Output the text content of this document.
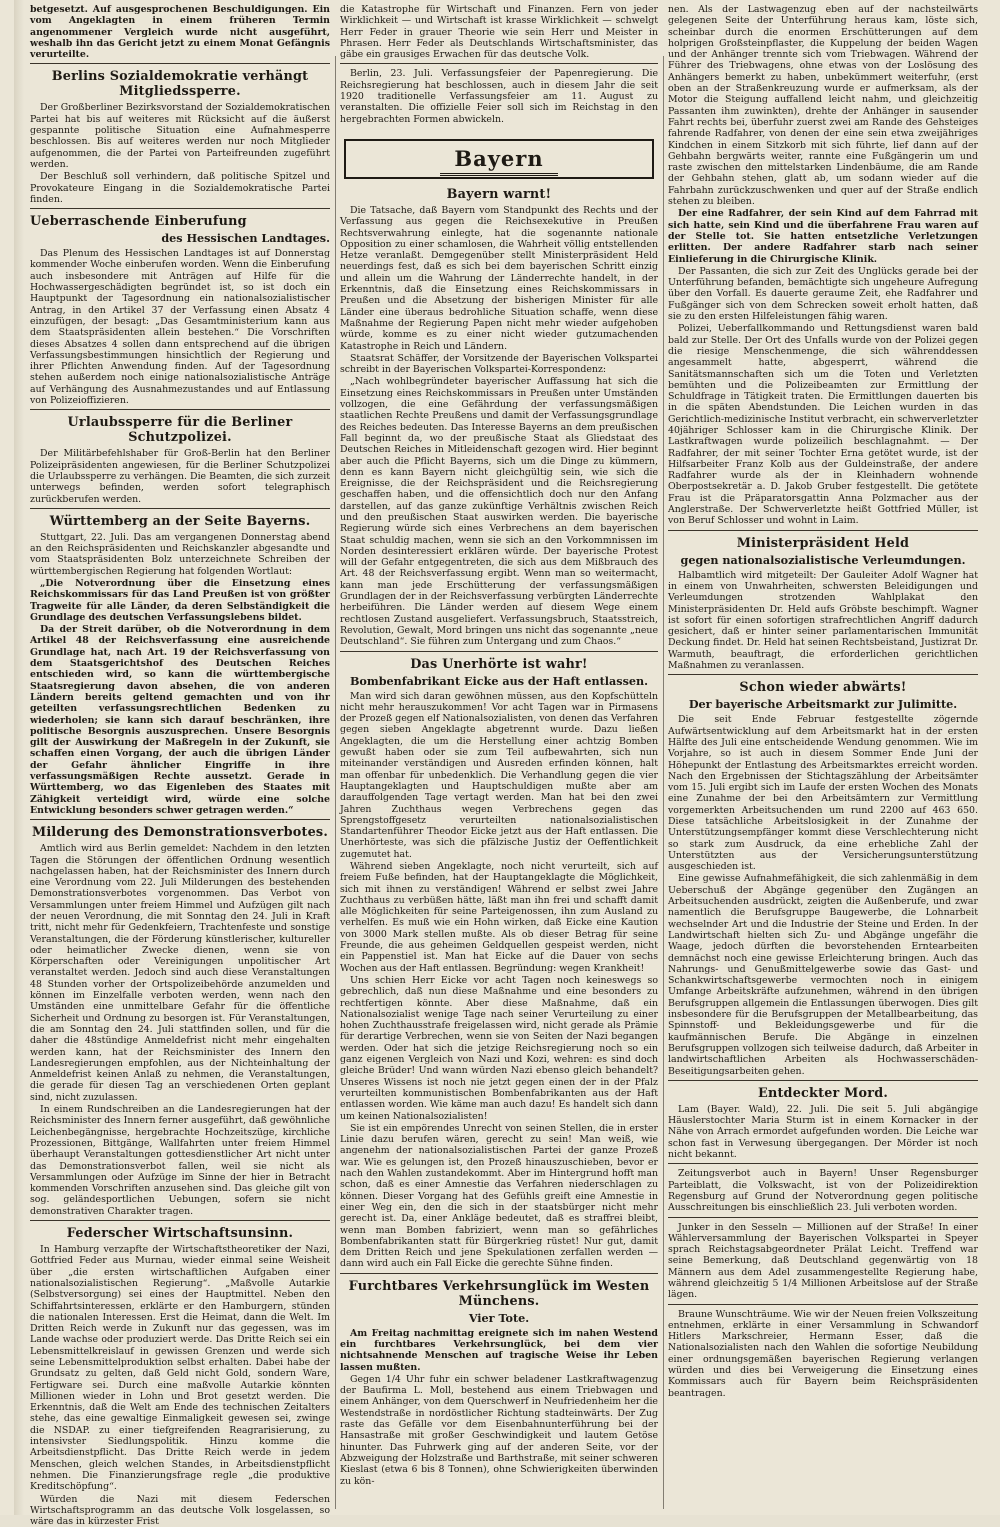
betgesetzt. Auf ausgesprochenen Beschuldigungen. Ein vom Angeklagten in einem früheren Termin angenommener Vergleich wurde nicht ausgeführt, weshalb ihn das Gericht jetzt zu einem Monat Gefängnis verurteilte.

Berlins Sozialdemokratie verhängt Mitgliedssperre.

Der Großberliner Bezirksvorstand der Sozialdemokratischen Partei hat bis auf weiteres mit Rücksicht auf die äußerst gespannte politische Situation eine Aufnahmesperre beschlossen. Bis auf weiteres werden nur noch Mitglieder aufgenommen, die der Partei von Parteifreunden zugeführt werden.

Der Beschluß soll verhindern, daß politische Spitzel und Provokateure Eingang in die Sozialdemokratische Partei finden.

Ueberraschende Einberufung
des Hessischen Landtages.

Das Plenum des Hessischen Landtages ist auf Donnerstag kommender Woche einberufen worden. Wenn die Einberufung auch insbesondere mit Anträgen auf Hilfe für die Hochwassergeschädigten begründet ist, so ist doch ein Hauptpunkt der Tagesordnung ein nationalsozialistischer Antrag, in den Artikel 37 der Verfassung einen Absatz 4 einzufügen, der besagt: „Das Gesamtministerium kann aus dem Staatspräsidenten allein bestehen.“ Die Vorschriften dieses Absatzes 4 sollen dann entsprechend auf die übrigen Verfassungsbestimmungen hinsichtlich der Regierung und ihrer Pflichten Anwendung finden. Auf der Tagesordnung stehen außerdem noch einige nationalsozialistische Anträge auf Verhängung des Ausnahmezustandes und auf Entlassung von Polizeioffizieren.

Urlaubssperre für die Berliner Schutzpolizei.

Der Militärbefehlshaber für Groß-Berlin hat den Berliner Polizeipräsidenten angewiesen, für die Berliner Schutzpolizei die Urlaubssperre zu verhängen. Die Beamten, die sich zurzeit unterwegs befinden, werden sofort telegraphisch zurückberufen werden.

Württemberg an der Seite Bayerns.

Stuttgart, 22. Juli. Das am vergangenen Donnerstag abend an den Reichspräsidenten und Reichskanzler abgesandte und vom Staatspräsidenten Bolz unterzeichnete Schreiben der württembergischen Regierung hat folgenden Wortlaut:

„Die Notverordnung über die Einsetzung eines Reichskommissars für das Land Preußen ist von größter Tragweite für alle Länder, da deren Selbständigkeit die Grundlage des deutschen Verfassungslebens bildet.

Da der Streit darüber, ob die Notverordnung in dem Artikel 48 der Reichsverfassung eine ausreichende Grundlage hat, nach Art. 19 der Reichsverfassung von dem Staatsgerichtshof des Deutschen Reiches entschieden wird, so kann die württembergische Staatsregierung davon absehen, die von anderen Ländern bereits geltend gemachten und von ihr geteilten verfassungsrechtlichen Bedenken zu wiederholen; sie kann sich darauf beschränken, ihre politische Besorgnis auszusprechen. Unsere Besorgnis gilt der Auswirkung der Maßregeln in der Zukunft, sie schaffen einen Vorgang, der auch die übrigen Länder der Gefahr ähnlicher Eingriffe in ihre verfassungsmäßigen Rechte aussetzt. Gerade in Württemberg, wo das Eigenleben des Staates mit Zähigkeit verteidigt wird, würde eine solche Entwicklung besonders schwer getragen werden.“

Milderung des Demonstrationsverbotes.

Amtlich wird aus Berlin gemeldet: Nachdem in den letzten Tagen die Störungen der öffentlichen Ordnung wesentlich nachgelassen haben, hat der Reichsminister des Innern durch eine Verordnung vom 22. Juli Milderungen des bestehenden Demonstrationsverbotes vorgenommen. Das Verbot von Versammlungen unter freiem Himmel und Aufzügen gilt nach der neuen Verordnung, die mit Sonntag den 24. Juli in Kraft tritt, nicht mehr für Gedenkfeiern, Trachtenfeste und sonstige Veranstaltungen, die der Förderung künstlerischer, kultureller oder heimatlicher Zwecke dienen, wenn sie von Körperschaften oder Vereinigungen unpolitischer Art veranstaltet werden. Jedoch sind auch diese Veranstaltungen 48 Stunden vorher der Ortspolizeibehörde anzumelden und können im Einzelfalle verboten werden, wenn nach den Umständen eine unmittelbare Gefahr für die öffentliche Sicherheit und Ordnung zu besorgen ist. Für Veranstaltungen, die am Sonntag den 24. Juli stattfinden sollen, und für die daher die 48stündige Anmeldefrist nicht mehr eingehalten werden kann, hat der Reichsminister des Innern den Landesregierungen empfohlen, aus der Nichteinhaltung der Anmeldefrist keinen Anlaß zu nehmen, die Veranstaltungen, die gerade für diesen Tag an verschiedenen Orten geplant sind, nicht zuzulassen.

In einem Rundschreiben an die Landesregierungen hat der Reichsminister des Innern ferner ausgeführt, daß gewöhnliche Leichenbegängnisse, hergebrachte Hochzeitszüge, kirchliche Prozessionen, Bittgänge, Wallfahrten unter freiem Himmel überhaupt Veranstaltungen gottesdienstlicher Art nicht unter das Demonstrationsverbot fallen, weil sie nicht als Versammlungen oder Aufzüge im Sinne der hier in Betracht kommenden Vorschriften anzusehen sind. Das gleiche gilt von sog. geländesportlichen Uebungen, sofern sie nicht demonstrativen Charakter tragen.

Federscher Wirtschaftsunsinn.

In Hamburg verzapfte der Wirtschaftstheoretiker der Nazi, Gottfried Feder aus Murnau, wieder einmal seine Weisheit über „die ersten wirtschaftlichen Aufgaben einer nationalsozialistischen Regierung“. „Maßvolle Autarkie (Selbstversorgung) sei eines der Hauptmittel. Neben den Schiffahrtsinteressen, erklärte er den Hamburgern, stünden die nationalen Interessen. Erst die Heimat, dann die Welt. Im Dritten Reich werde in Zukunft nur das gegessen, was im Lande wachse oder produziert werde. Das Dritte Reich sei ein Lebensmittelkreislauf in gewissen Grenzen und werde sich seine Lebensmittelproduktion selbst erhalten. Dabei habe der Grundsatz zu gelten, daß Geld nicht Gold, sondern Ware, Fertigware sei. Durch eine maßvolle Autarkie könnten Millionen wieder in Lohn und Brot gesetzt werden. Die Erkenntnis, daß die Welt am Ende des technischen Zeitalters stehe, das eine gewaltige Einmaligkeit gewesen sei, zwinge die NSDAP. zu einer tiefgreifenden Reagrarisierung, zu intensivster Siedlungspolitik. Hinzu komme die Arbeitsdienstpflicht. Das Dritte Reich werde in jedem Menschen, gleich welchen Standes, in Arbeitsdienstpflicht nehmen. Die Finanzierungsfrage regle „die produktive Kreditschöpfung“.

Würden die Nazi mit diesem Federschen Wirtschaftsprogramm an das deutsche Volk losgelassen, so wäre das in kürzester Frist

die Katastrophe für Wirtschaft und Finanzen. Fern von jeder Wirklichkeit — und Wirtschaft ist krasse Wirklichkeit — schwelgt Herr Feder in grauer Theorie wie sein Herr und Meister in Phrasen. Herr Feder als Deutschlands Wirtschaftsminister, das gäbe ein grausiges Erwachen für das deutsche Volk.

Berlin, 23. Juli. Verfassungsfeier der Papenregierung. Die Reichsregierung hat beschlossen, auch in diesem Jahr die seit 1920 traditionelle Verfassungsfeier am 11. August zu veranstalten. Die offizielle Feier soll sich im Reichstag in den hergebrachten Formen abwickeln.

Bayern
Bayern warnt!

Die Tatsache, daß Bayern vom Standpunkt des Rechts und der Verfassung aus gegen die Reichsexekutive in Preußen Rechtsverwahrung einlegte, hat die sogenannte nationale Opposition zu einer schamlosen, die Wahrheit völlig entstellenden Hetze veranlaßt. Demgegenüber stellt Ministerpräsident Held neuerdings fest, daß es sich bei dem bayerischen Schritt einzig und allein um die Wahrung der Länderrechte handelt, in der Erkenntnis, daß die Einsetzung eines Reichskommissars in Preußen und die Absetzung der bisherigen Minister für alle Länder eine überaus bedrohliche Situation schaffe, wenn diese Maßnahme der Regierung Papen nicht mehr wieder aufgehoben würde, komme es zu einer nicht wieder gutzumachenden Katastrophe in Reich und Ländern.

Staatsrat Schäffer, der Vorsitzende der Bayerischen Volkspartei schreibt in der Bayerischen Volkspartei-Korrespondenz:

„Nach wohlbegründeter bayerischer Auffassung hat sich die Einsetzung eines Reichskommissars in Preußen unter Umständen vollzogen, die eine Gefährdung der verfassungsmäßigen staatlichen Rechte Preußens und damit der Verfassungsgrundlage des Reiches bedeuten. Das Interesse Bayerns an dem preußischen Fall beginnt da, wo der preußische Staat als Gliedstaat des Deutschen Reiches in Mitleidenschaft gezogen wird. Hier beginnt aber auch die Pflicht Bayerns, sich um die Dinge zu kümmern, denn es kann Bayern nicht gleichgültig sein, wie sich die Ereignisse, die der Reichspräsident und die Reichsregierung geschaffen haben, und die offensichtlich doch nur den Anfang darstellen, auf das ganze zukünftige Verhältnis zwischen Reich und den preußischen Staat auswirken werden. Die bayerische Regierung würde sich eines Verbrechens an dem bayerischen Staat schuldig machen, wenn sie sich an den Vorkommnissen im Norden desinteressiert erklären würde. Der bayerische Protest will der Gefahr entgegentreten, die sich aus dem Mißbrauch des Art. 48 der Reichsverfassung ergibt. Wenn man so weitermacht, kann man jede Erschütterung der verfassungsmäßigen Grundlagen der in der Reichsverfassung verbürgten Länderrechte herbeiführen. Die Länder werden auf diesem Wege einem rechtlosen Zustand ausgeliefert. Verfassungsbruch, Staatsstreich, Revolution, Gewalt, Mord bringen uns nicht das sogenannte „neue Deutschland“. Sie führen zum Untergang und zum Chaos.“

Das Unerhörte ist wahr!
Bombenfabrikant Eicke aus der Haft entlassen.

Man wird sich daran gewöhnen müssen, aus den Kopfschütteln nicht mehr herauszukommen! Vor acht Tagen war in Pirmasens der Prozeß gegen elf Nationalsozialisten, von denen das Verfahren gegen sieben Angeklagte abgetrennt wurde. Dazu ließen Angeklagten, die um die Herstellung einer achtzig Bomben gewußt haben oder sie zum Teil aufbewahrten, sich nun miteinander verständigen und Ausreden erfinden können, halt man offenbar für unbedenklich. Die Verhandlung gegen die vier Hauptangeklagten und Hauptschuldigen mußte aber am darauffolgenden Tage vertagt werden. Man hat bei den zwei Jahren Zuchthaus wegen Verbrechens gegen das Sprengstoffgesetz verurteilten nationalsozialistischen Standartenführer Theodor Eicke jetzt aus der Haft entlassen. Die Unerhörteste, was sich die pfälzische Justiz der Oeffentlichkeit zugemutet hat.

Während sieben Angeklagte, noch nicht verurteilt, sich auf freiem Fuße befinden, hat der Hauptangeklagte die Möglichkeit, sich mit ihnen zu verständigen! Während er selbst zwei Jahre Zuchthaus zu verbüßen hätte, läßt man ihn frei und schafft damit alle Möglichkeiten für seine Parteigenossen, ihn zum Ausland zu verhelfen. Es muß wie ein Hohn wirken, daß Eicke eine Kaution von 3000 Mark stellen mußte. Als ob dieser Betrag für seine Freunde, die aus geheimen Geldquellen gespeist werden, nicht ein Pappenstiel ist. Man hat Eicke auf die Dauer von sechs Wochen aus der Haft entlassen. Begründung: wegen Krankheit!

Uns schien Herr Eicke vor acht Tagen noch keineswegs so gebrechlich, daß nun diese Maßnahme und eine besonders zu rechtfertigen könnte. Aber diese Maßnahme, daß ein Nationalsozialist wenige Tage nach seiner Verurteilung zu einer hohen Zuchthausstrafe freigelassen wird, nicht gerade als Prämie für derartige Verbrechen, wenn sie von Seiten der Nazi begangen werden. Oder hat sich die jetzige Reichsregierung noch so ein ganz eigenen Vergleich von Nazi und Kozi, wehren: es sind doch gleiche Brüder! Und wann würden Nazi ebenso gleich behandelt? Unseres Wissens ist noch nie jetzt gegen einen der in der Pfalz verurteilten kommunistischen Bombenfabrikanten aus der Haft entlassen worden. Wie käme man auch dazu! Es handelt sich dann um keinen Nationalsozialisten!

Sie ist ein empörendes Unrecht von seinen Stellen, die in erster Linie dazu berufen wären, gerecht zu sein! Man weiß, wie angenehm der nationalsozialistischen Partei der ganze Prozeß war. Wie es gelungen ist, den Prozeß hinauszuschieben, bevor er nach den Wahlen zustandekommt. Aber im Hintergrund hofft man schon, daß es einer Amnestie das Verfahren niederschlagen zu können. Dieser Vorgang hat des Gefühls greift eine Amnestie in einer Weg ein, den die sich in der staatsbürger nicht mehr gerecht ist. Da, einer Ankläge bedeutet, daß es straffrei bleibt, wenn man Bomben fabriziert, wenn man so gefährliches Bombenfabrikanten statt für Bürgerkrieg rüstet! Nur gut, damit dem Dritten Reich und jene Spekulationen zerfallen werden — dann wird auch ein Fall Eicke die gerechte Sühne finden.

Furchtbares Verkehrsunglück im Westen Münchens.
Vier Tote.

Am Freitag nachmittag ereignete sich im nahen Westend ein furchtbares Verkehrsunglück, bei dem vier nichtsahnende Menschen auf tragische Weise ihr Leben lassen mußten.

Gegen 1/4 Uhr fuhr ein schwer beladener Lastkraftwagenzug der Baufirma L. Moll, bestehend aus einem Triebwagen und einem Anhänger, von dem Querschwerf in Neufriedenheim her die Westendstraße in nordöstlicher Richtung stadteinwärts. Der Zug raste das Gefälle vor dem Eisenbahnunterführung bei der Hansastraße mit großer Geschwindigkeit und lautem Getöse hinunter. Das Fuhrwerk ging auf der anderen Seite, vor der Abzweigung der Holzstraße und Barthstraße, mit seiner schweren Kieslast (etwa 6 bis 8 Tonnen), ohne Schwierigkeiten überwinden zu kön-

nen. Als der Lastwagenzug eben auf der nachsteilwärts gelegenen Seite der Unterführung heraus kam, löste sich, scheinbar durch die enormen Erschütterungen auf dem holprigen Großsteinpflaster, die Kuppelung der beiden Wagen und der Anhänger trennte sich vom Triebwagen. Während der Führer des Triebwagens, ohne etwas von der Loslösung des Anhängers bemerkt zu haben, unbekümmert weiterfuhr, (erst oben an der Straßenkreuzung wurde er aufmerksam, als der Motor die Steigung auffallend leicht nahm, und gleichzeitig Passanten ihm zuwinkten), drehte der Anhänger in sausender Fahrt rechts bei, überfuhr zuerst zwei am Rande des Gehsteiges fahrende Radfahrer, von denen der eine sein etwa zweijähriges Kindchen in einem Sitzkorb mit sich führte, lief dann auf der Gehbahn bergwärts weiter, rannte eine Fußgängerin um und raste zwischen den mittelstarken Lindenbäume, die am Rande der Gehbahn stehen, glatt ab, um sodann wieder auf die Fahrbahn zurückzuschwenken und quer auf der Straße endlich stehen zu bleiben.

Der eine Radfahrer, der sein Kind auf dem Fahrrad mit sich hatte, sein Kind und die überfahrene Frau waren auf der Stelle tot. Sie hatten entsetzliche Verletzungen erlitten. Der andere Radfahrer starb nach seiner Einlieferung in die Chirurgische Klinik.

Der Passanten, die sich zur Zeit des Unglücks gerade bei der Unterführung befanden, bemächtigte sich ungeheure Aufregung über den Vorfall. Es dauerte geraume Zeit, ehe Radfahrer und Fußgänger sich von dem Schrecken soweit erholt hatten, daß sie zu den ersten Hilfeleistungen fähig waren.

Polizei, Ueberfallkommando und Rettungsdienst waren bald bald zur Stelle. Der Ort des Unfalls wurde von der Polizei gegen die riesige Menschenmenge, die sich währenddessen angesammelt hatte, abgesperrt, während die Sanitätsmannschaften sich um die Toten und Verletzten bemühten und die Polizeibeamten zur Ermittlung der Schuldfrage in Tätigkeit traten. Die Ermittlungen dauerten bis in die späten Abendstunden. Die Leichen wurden in das Gerichtlich-medizinische Institut verbracht, ein schwerverletzter 40jähriger Schlosser kam in die Chirurgische Klinik. Der Lastkraftwagen wurde polizeilich beschlagnahmt. — Der Radfahrer, der mit seiner Tochter Erna getötet wurde, ist der Hilfsarbeiter Franz Kolb aus der Guldeinstraße, der andere Radfahrer wurde als der in Kleinhadern wohnende Oberpostsekretär a. D. Jakob Gruber festgestellt. Die getötete Frau ist die Präparatorsgattin Anna Polzmacher aus der Anglerstraße. Der Schwerverletzte heißt Gottfried Müller, ist von Beruf Schlosser und wohnt in Laim.

Ministerpräsident Held
gegen nationalsozialistische Verleumdungen.

Halbamtlich wird mitgeteilt: Der Gauleiter Adolf Wagner hat in einem von Unwahrheiten, schwersten Beleidigungen und Verleumdungen strotzenden Wahlplakat den Ministerpräsidenten Dr. Held aufs Gröbste beschimpft. Wagner ist sofort für einen sofortigen strafrechtlichen Angriff dadurch gesichert, daß er hinter seiner parlamentarischen Immunität Deckung findet. Dr. Held hat seinen Rechtsbeistand, Justizrat Dr. Warmuth, beauftragt, die erforderlichen gerichtlichen Maßnahmen zu veranlassen.

Schon wieder abwärts!
Der bayerische Arbeitsmarkt zur Julimitte.

Die seit Ende Februar festgestellte zögernde Aufwärtsentwicklung auf dem Arbeitsmarkt hat in der ersten Hälfte des Juli eine entscheidende Wendung genommen. Wie im Vorjahre, so ist auch in diesem Sommer Ende Juni der Höhepunkt der Entlastung des Arbeitsmarktes erreicht worden. Nach den Ergebnissen der Stichtagszählung der Arbeitsämter vom 15. Juli ergibt sich im Laufe der ersten Wochen des Monats eine Zunahme der bei den Arbeitsämtern zur Vermittlung vorgemerkten Arbeitsuchenden um rund 2200 auf 463 650. Diese tatsächliche Arbeitslosigkeit in der Zunahme der Unterstützungsempfänger kommt diese Verschlechterung nicht so stark zum Ausdruck, da eine erhebliche Zahl der Unterstützten aus der Versicherungsunterstützung ausgeschieden ist.

Eine gewisse Aufnahmefähigkeit, die sich zahlenmäßig in dem Ueberschuß der Abgänge gegenüber den Zugängen an Arbeitsuchenden ausdrückt, zeigten die Außenberufe, und zwar namentlich die Berufsgruppe Baugewerbe, die Lohnarbeit wechselnder Art und die Industrie der Steine und Erden. In der Landwirtschaft hielten sich Zu- und Abgänge ungefähr die Waage, jedoch dürften die bevorstehenden Erntearbeiten demnächst noch eine gewisse Erleichterung bringen. Auch das Nahrungs- und Genußmittelgewerbe sowie das Gast- und Schankwirtschaftsgewerbe vermochten noch in einigem Umfange Arbeitskräfte aufzunehmen, während in den übrigen Berufsgruppen allgemein die Entlassungen überwogen. Dies gilt insbesondere für die Berufsgruppen der Metallbearbeitung, das Spinnstoff- und Bekleidungsgewerbe und für die kaufmännischen Berufe. Die Abgänge in einzelnen Berufsgruppen vollzogen sich teilweise dadurch, daß Arbeiter in landwirtschaftlichen Arbeiten als Hochwasserschäden-Beseitigungsarbeiten gehen.

Entdeckter Mord.

Lam (Bayer. Wald), 22. Juli. Die seit 5. Juli abgängige Häuslerstochter Maria Sturm ist in einem Kornacker in der Nähe von Arrach ermordet aufgefunden worden. Die Leiche war schon fast in Verwesung übergegangen. Der Mörder ist noch nicht bekannt.

Zeitungsverbot auch in Bayern! Unser Regensburger Parteiblatt, die Volkswacht, ist von der Polizeidirektion Regensburg auf Grund der Notverordnung gegen politische Ausschreitungen bis einschließlich 23. Juli verboten worden.

Junker in den Sesseln — Millionen auf der Straße! In einer Wählerversammlung der Bayerischen Volkspartei in Speyer sprach Reichstagsabgeordneter Prälat Leicht. Treffend war seine Bemerkung, daß Deutschland gegenwärtig von 18 Männern aus dem Adel zusammengestellte Regierung habe, während gleichzeitig 5 1/4 Millionen Arbeitslose auf der Straße lägen.

Braune Wunschträume. Wie wir der Neuen freien Volkszeitung entnehmen, erklärte in einer Versammlung in Schwandorf Hitlers Markschreier, Hermann Esser, daß die Nationalsozialisten nach den Wahlen die sofortige Neubildung einer ordnungsgemäßen bayerischen Regierung verlangen würden und dies bei Verweigerung die Einsetzung eines Kommissars auch für Bayern beim Reichspräsidenten beantragen.
